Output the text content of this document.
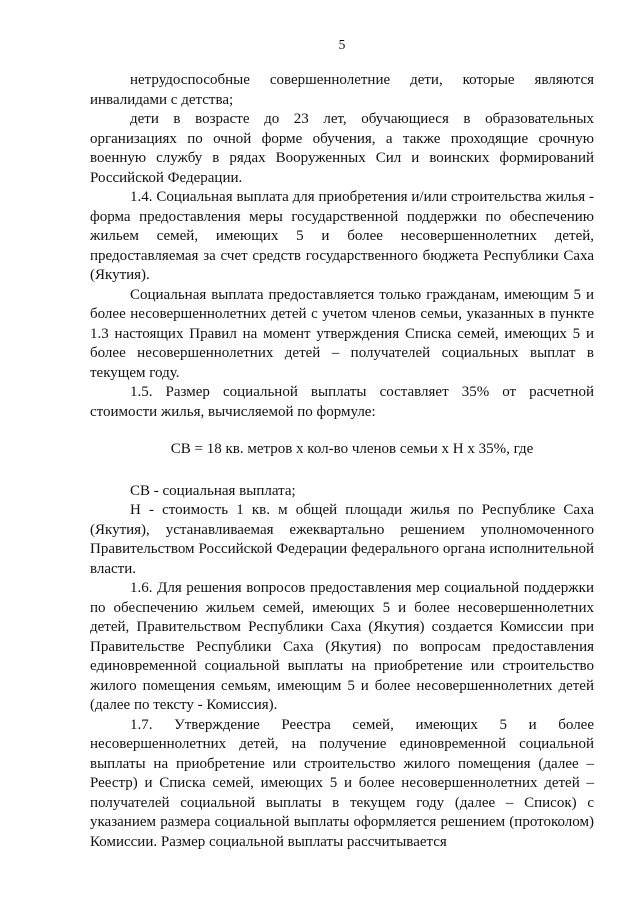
5

нетрудоспособные совершеннолетние дети, которые являются инвалидами с детства;

дети в возрасте до 23 лет, обучающиеся в образовательных организациях по очной форме обучения, а также проходящие срочную военную службу в рядах Вооруженных Сил и воинских формирований Российской Федерации.

1.4. Социальная выплата для приобретения и/или строительства жилья - форма предоставления меры государственной поддержки по обеспечению жильем семей, имеющих 5 и более несовершеннолетних детей, предоставляемая за счет средств государственного бюджета Республики Саха (Якутия).

Социальная выплата предоставляется только гражданам, имеющим 5 и более несовершеннолетних детей с учетом членов семьи, указанных в пункте 1.3 настоящих Правил на момент утверждения Списка семей, имеющих 5 и более несовершеннолетних детей – получателей социальных выплат в текущем году.

1.5. Размер социальной выплаты составляет 35% от расчетной стоимости жилья, вычисляемой по формуле:

СВ = 18 кв. метров х кол-во членов семьи х Н х 35%, где

СВ - социальная выплата;

Н - стоимость 1 кв. м общей площади жилья по Республике Саха (Якутия), устанавливаемая ежеквартально решением уполномоченного Правительством Российской Федерации федерального органа исполнительной власти.

1.6. Для решения вопросов предоставления мер социальной поддержки по обеспечению жильем семей, имеющих 5 и более несовершеннолетних детей, Правительством Республики Саха (Якутия) создается Комиссии при Правительстве Республики Саха (Якутия) по вопросам предоставления единовременной социальной выплаты на приобретение или строительство жилого помещения семьям, имеющим 5 и более несовершеннолетних детей (далее по тексту - Комиссия).

1.7. Утверждение Реестра семей, имеющих 5 и более несовершеннолетних детей, на получение единовременной социальной выплаты на приобретение или строительство жилого помещения (далее – Реестр) и Списка семей, имеющих 5 и более несовершеннолетних детей – получателей социальной выплаты в текущем году (далее – Список) с указанием размера социальной выплаты оформляется решением (протоколом) Комиссии. Размер социальной выплаты рассчитывается
